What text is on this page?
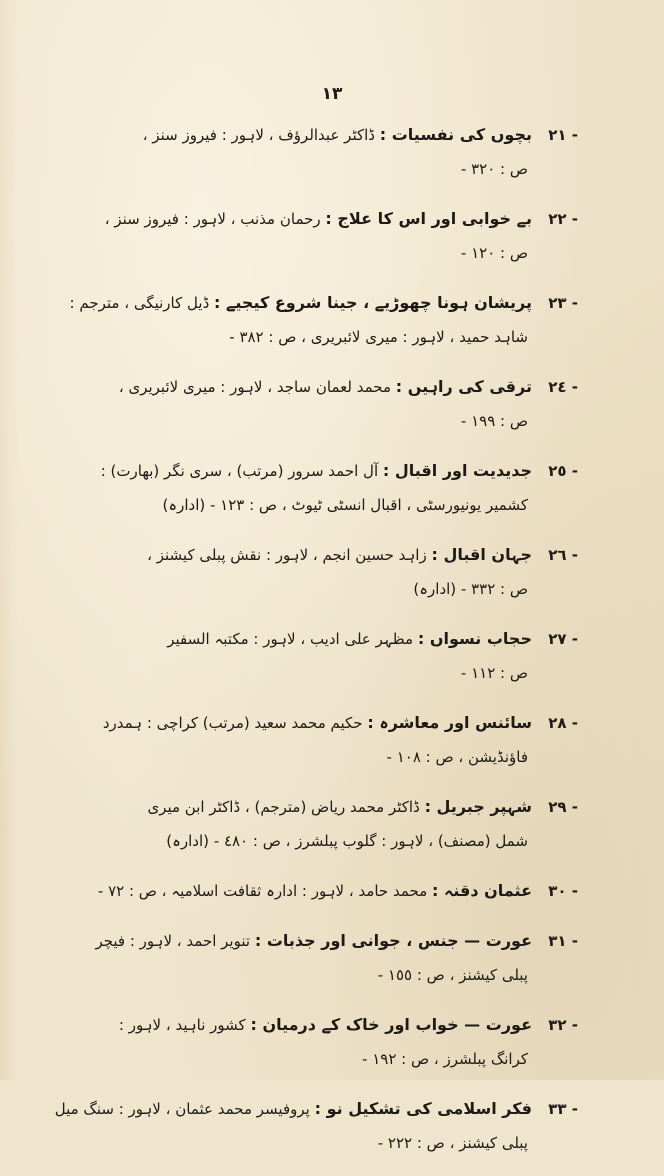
١٣
٢١ -
بچوں کی نفسیات : ڈاکٹر عبدالرؤف ، لاہور : فیروز سنز ،
ص : ٣٢٠ -
٢٢ -
بے خوابی اور اس کا علاج : رحمان مذنب ، لاہور : فیروز سنز ،
ص : ١٢٠ -
٢٣ -
پریشان ہونا چھوڑیے ، جینا شروع کیجیے : ڈیل کارنیگی ، مترجم :
شاہد حمید ، لاہور : میری لائبریری ، ص : ٣٨٢ -
٢٤ -
ترقی کی راہیں : محمد لعمان ساجد ، لاہور : میری لائبریری ،
ص : ١٩٩ -
٢٥ -
جدیدیت اور اقبال : آل احمد سرور (مرتب) ، سری نگر (بھارت) :
کشمیر یونیورسٹی ، اقبال انسٹی ٹیوٹ ، ص : ١٢٣ - (ادارہ)
٢٦ -
جہان اقبال : زاہد حسین انجم ، لاہور : نقش پبلی کیشنز ،
ص : ٣٣٢ - (ادارہ)
٢٧ -
حجاب نسواں : مظہر علی ادیب ، لاہور : مکتبہ السفیر
ص : ١١٢ -
٢٨ -
سائنس اور معاشرہ : حکیم محمد سعید (مرتب) کراچی : ہمدرد
فاؤنڈیشن ، ص : ١٠٨ -
٢٩ -
شہپر جبریل : ڈاکٹر محمد ریاض (مترجم) ، ڈاکٹر ابن میری
شمل (مصنف) ، لاہور : گلوب پبلشرز ، ص : ٤٨٠ - (ادارہ)
٣٠ -
عثمان دقنہ : محمد حامد ، لاہور : ادارہ ثقافت اسلامیہ ، ص : ٧٢ -
٣١ -
عورت — جنس ، جوانی اور جذبات : تنویر احمد ، لاہور : فیچر
پبلی کیشنز ، ص : ١٥٥ -
٣٢ -
عورت — خواب اور خاک کے درمیان : کشور ناہید ، لاہور :
کرانگ پبلشرز ، ص : ١٩٢ -
٣٣ -
فکر اسلامی کی تشکیل نو : پروفیسر محمد عثمان ، لاہور : سنگ میل
پبلی کیشنز ، ص : ٢٢٢ -
